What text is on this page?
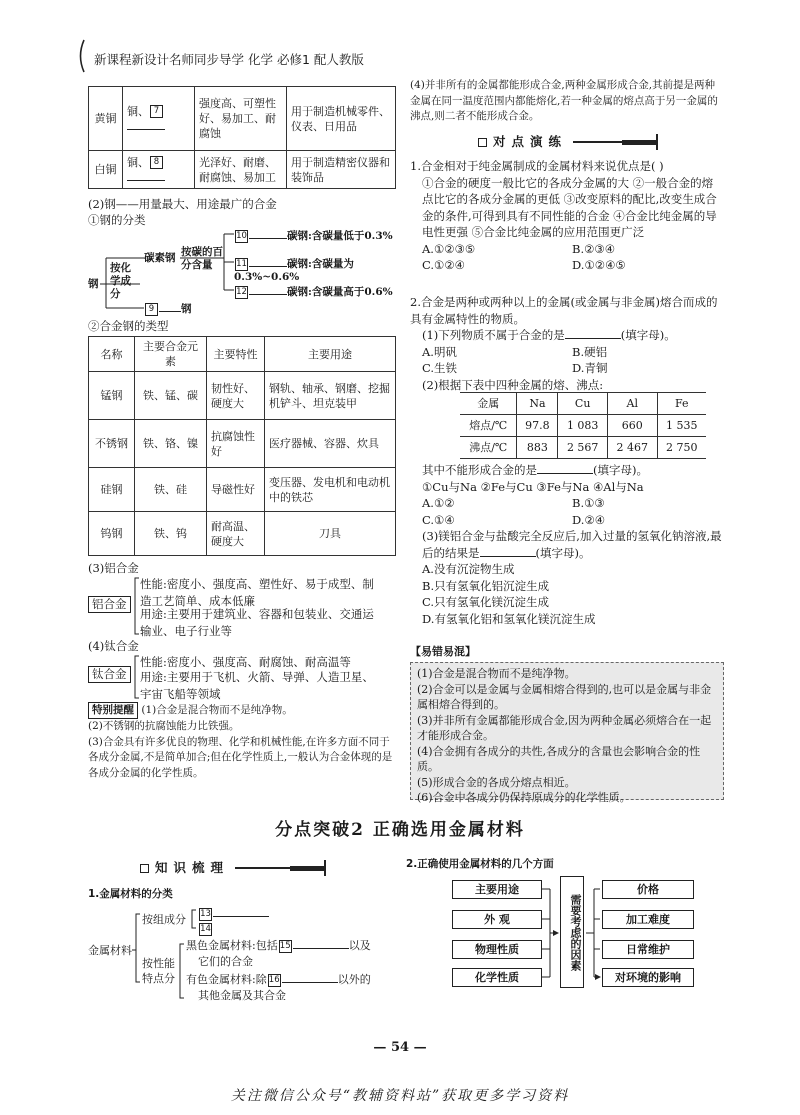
新课程新设计名师同步导学 化学 必修1 配人教版
黄铜	铜、 7	强度高、可塑性好、易加工、耐腐蚀	用于制造机械零件、仪表、日用品
白铜	铜、 8	光泽好、耐磨、耐腐蚀、易加工	用于制造精密仪器和装饰品
(2)钢——用量最大、用途最广的合金
①钢的分类
钢
按化学成分
碳素钢 按碳的百分含量
10	碳钢:含碳量低于0.3%
11	碳钢:含碳量为0.3%~0.6%
12	碳钢:含碳量高于0.6%
9	钢
②合金钢的类型
名称	主要合金元素	主要特性	主要用途
锰钢	铁、锰、碳	韧性好、硬度大	钢轨、轴承、钢磨、挖掘机铲斗、坦克装甲
不锈钢	铁、铬、镍	抗腐蚀性好	医疗器械、容器、炊具
硅钢	铁、硅	导磁性好	变压器、发电机和电动机中的铁芯
钨钢	铁、钨	耐高温、硬度大	刀具
(3)铝合金
铝合金
性能:密度小、强度高、塑性好、易于成型、制造工艺简单、成本低廉
用途:主要用于建筑业、容器和包装业、交通运输业、电子行业等
(4)钛合金
钛合金
性能:密度小、强度高、耐腐蚀、耐高温等
用途:主要用于飞机、火箭、导弹、人造卫星、宇宙飞船等领域
特别提醒 (1)合金是混合物而不是纯净物。
(2)不锈钢的抗腐蚀能力比铁强。
(3)合金具有许多优良的物理、化学和机械性能,在许多方面不同于各成分金属,不是简单加合;但在化学性质上,一般认为合金体现的是各成分金属的化学性质。
(4)并非所有的金属都能形成合金,两种金属形成合金,其前提是两种金属在同一温度范围内都能熔化,若一种金属的熔点高于另一金属的沸点,则二者不能形成合金。
对点演练
1.合金相对于纯金属制成的金属材料来说优点是( )
①合金的硬度一般比它的各成分金属的大 ②一般合金的熔点比它的各成分金属的更低 ③改变原料的配比,改变生成合金的条件,可得到具有不同性能的合金 ④合金比纯金属的导电性更强 ⑤合金比纯金属的应用范围更广泛
A.①②③⑤	B.②③④
C.①②④	D.①②④⑤
2.合金是两种或两种以上的金属(或金属与非金属)熔合而成的具有金属特性的物质。
(1)下列物质不属于合金的是	(填字母)。
A.明矾	B.硬铝
C.生铁	D.青铜
(2)根据下表中四种金属的熔、沸点:
金属	Na	Cu	Al	Fe
熔点/℃	97.8	1 083	660	1 535
沸点/℃	883	2 567	2 467	2 750
其中不能形成合金的是	(填字母)。
①Cu与Na ②Fe与Cu ③Fe与Na ④Al与Na
A.①②	B.①③
C.①④	D.②④
(3)镁铝合金与盐酸完全反应后,加入过量的氢氧化钠溶液,最后的结果是	(填字母)。
A.没有沉淀物生成
B.只有氢氧化铝沉淀生成
C.只有氢氧化镁沉淀生成
D.有氢氧化铝和氢氧化镁沉淀生成
【易错易混】
(1)合金是混合物而不是纯净物。
(2)合金可以是金属与金属相熔合得到的,也可以是金属与非金属相熔合得到的。
(3)并非所有金属都能形成合金,因为两种金属必须熔合在一起才能形成合金。
(4)合金拥有各成分的共性,各成分的含量也会影响合金的性质。
(5)形成合金的各成分熔点相近。
(6)合金中各成分仍保持原成分的化学性质。
分点突破2 正确选用金属材料
知识梳理
1.金属材料的分类
金属材料
按组成分 13
14
按性能特点分
黑色金属材料:包括 15	以及
它们的合金
有色金属材料:除 16	以外的
其他金属及其合金
2.正确使用金属材料的几个方面
主要用途
外 观
物理性质
化学性质
需要考虑的因素
价格
加工难度
日常维护
对环境的影响
— 54 —
关注微信公众号“教辅资料站”获取更多学习资料
